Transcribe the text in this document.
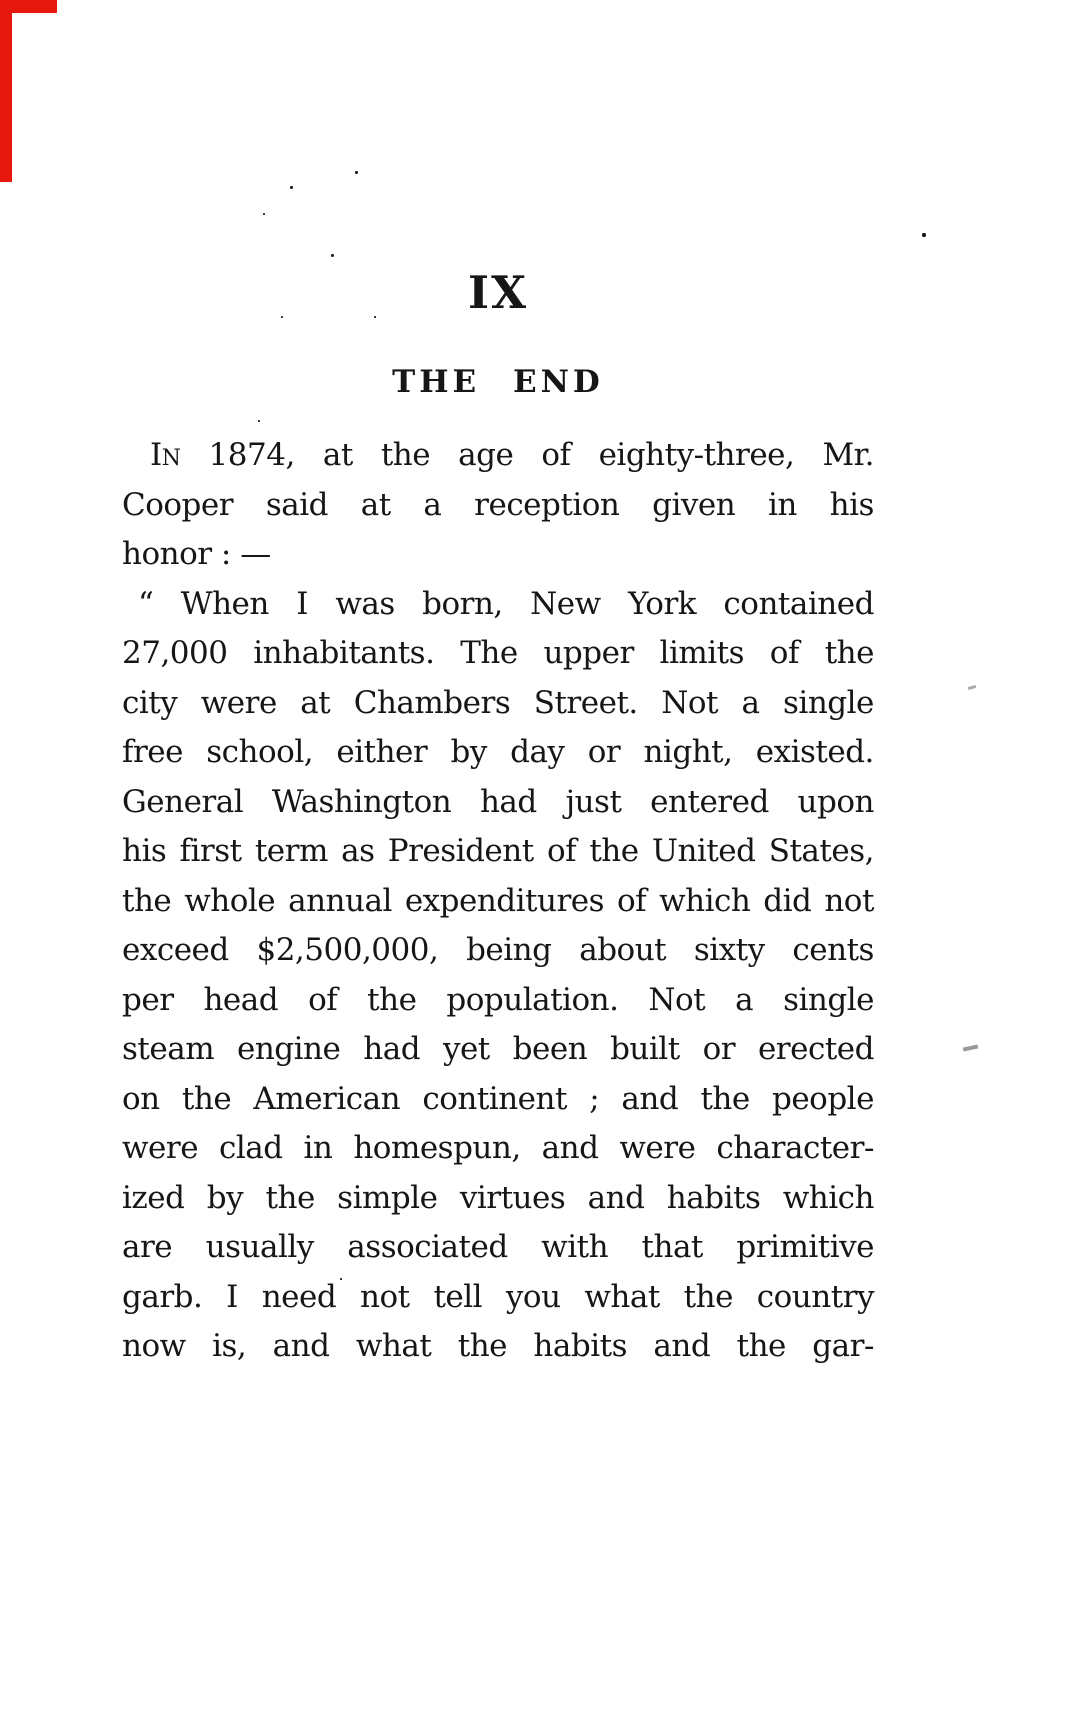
IX
THE END
In 1874, at the age of eighty-three, Mr.
Cooper said at a reception given in his
honor : —
“ When I was born, New York contained
27,000 inhabitants. The upper limits of the
city were at Chambers Street. Not a single
free school, either by day or night, existed.
General Washington had just entered upon
his first term as President of the United States,
the whole annual expenditures of which did not
exceed $2,500,000, being about sixty cents
per head of the population. Not a single
steam engine had yet been built or erected
on the American continent ; and the people
were clad in homespun, and were character-
ized by the simple virtues and habits which
are usually associated with that primitive
garb. I need not tell you what the country
now is, and what the habits and the gar-
